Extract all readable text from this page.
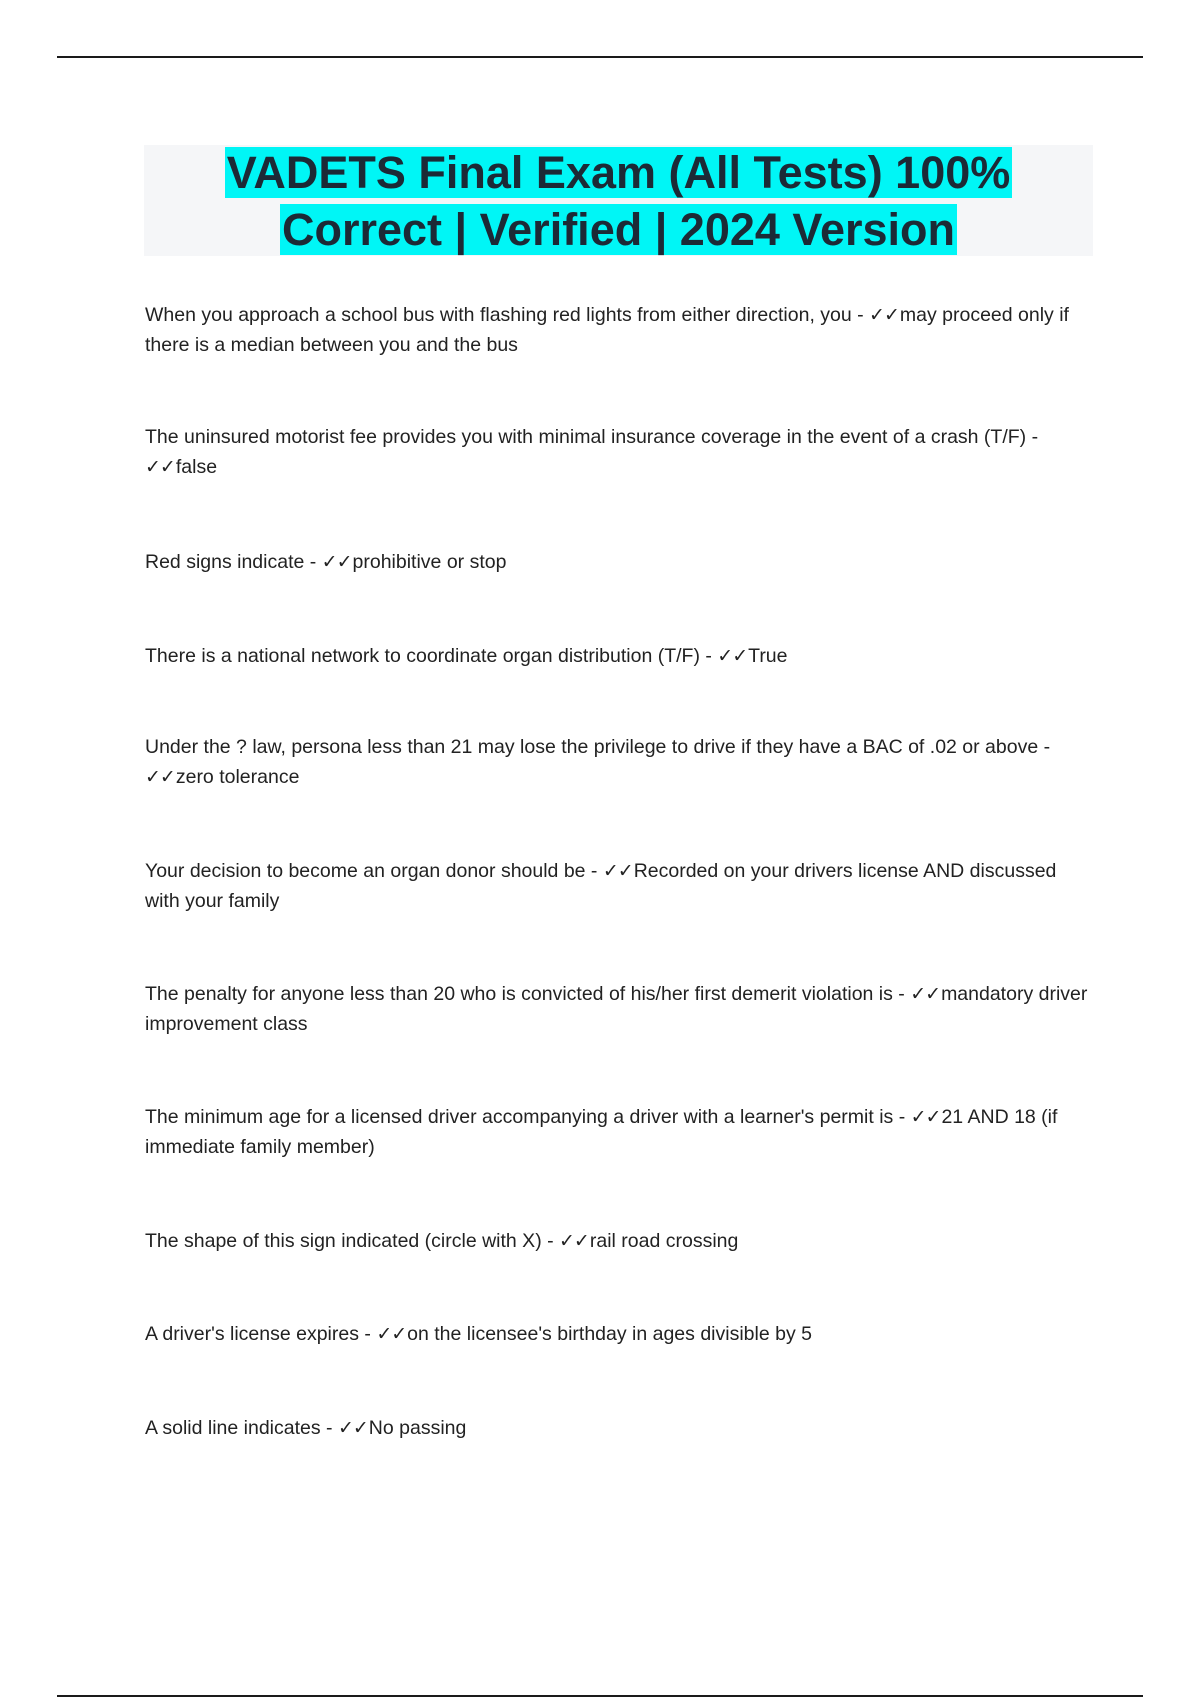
VADETS Final Exam (All Tests) 100%
Correct | Verified | 2024 Version

When you approach a school bus with flashing red lights from either direction, you - ✓✓may proceed only if there is a median between you and the bus

The uninsured motorist fee provides you with minimal insurance coverage in the event of a crash (T/F) - ✓✓false

Red signs indicate - ✓✓prohibitive or stop

There is a national network to coordinate organ distribution (T/F) - ✓✓True

Under the ? law, persona less than 21 may lose the privilege to drive if they have a BAC of .02 or above - ✓✓zero tolerance

Your decision to become an organ donor should be - ✓✓Recorded on your drivers license AND discussed with your family

The penalty for anyone less than 20 who is convicted of his/her first demerit violation is - ✓✓mandatory driver improvement class

The minimum age for a licensed driver accompanying a driver with a learner's permit is - ✓✓21 AND 18 (if immediate family member)

The shape of this sign indicated (circle with X) - ✓✓rail road crossing

A driver's license expires - ✓✓on the licensee's birthday in ages divisible by 5

A solid line indicates - ✓✓No passing
